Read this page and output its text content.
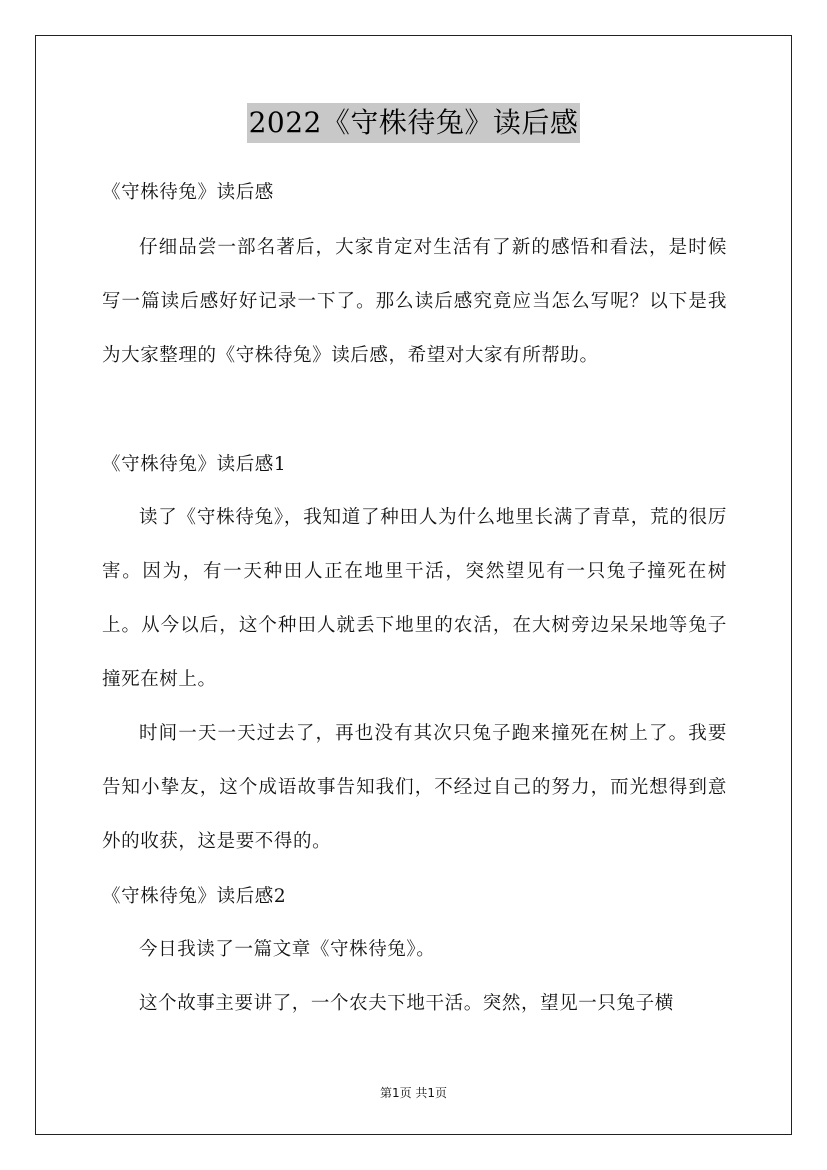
2022《守株待兔》读后感
《守株待兔》读后感
仔细品尝一部名著后，大家肯定对生活有了新的感悟和看法，是时候写一篇读后感好好记录一下了。那么读后感究竟应当怎么写呢？以下是我为大家整理的《守株待兔》读后感，希望对大家有所帮助。
《守株待兔》读后感1
读了《守株待兔》，我知道了种田人为什么地里长满了青草，荒的很厉害。因为，有一天种田人正在地里干活，突然望见有一只兔子撞死在树上。从今以后，这个种田人就丢下地里的农活，在大树旁边呆呆地等兔子撞死在树上。
时间一天一天过去了，再也没有其次只兔子跑来撞死在树上了。我要告知小挚友，这个成语故事告知我们，不经过自己的努力，而光想得到意外的收获，这是要不得的。
《守株待兔》读后感2
今日我读了一篇文章《守株待兔》。
这个故事主要讲了，一个农夫下地干活。突然，望见一只兔子横
第1页 共1页
